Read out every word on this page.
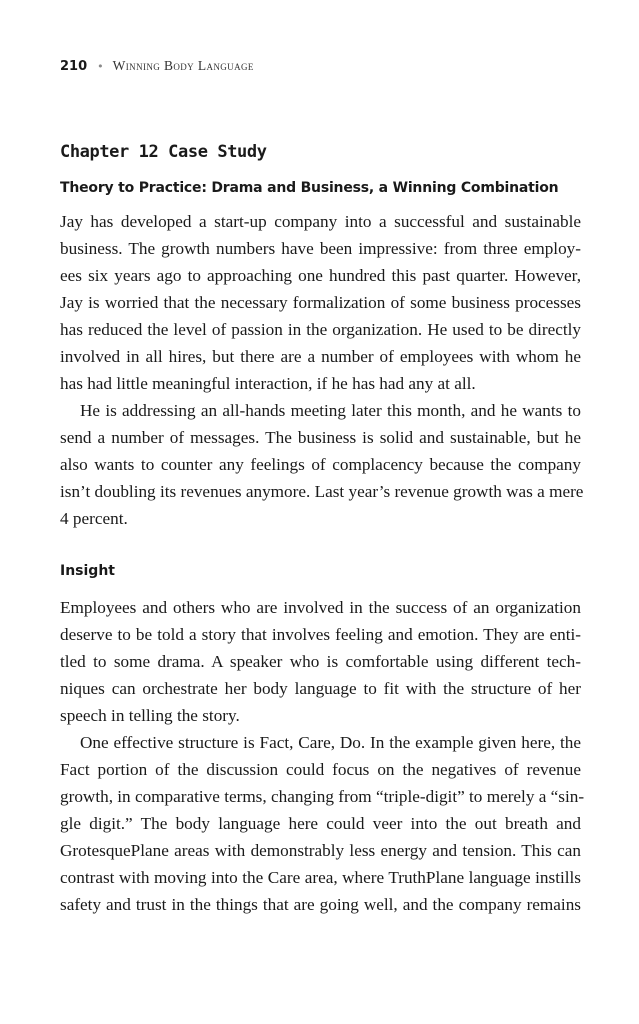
210 • Winning Body Language
Chapter 12 Case Study
Theory to Practice: Drama and Business, a Winning Combination
Jay has developed a start-up company into a successful and sustainable
business. The growth numbers have been impressive: from three employ-
ees six years ago to approaching one hundred this past quarter. However,
Jay is worried that the necessary formalization of some business processes
has reduced the level of passion in the organization. He used to be directly
involved in all hires, but there are a number of employees with whom he
has had little meaningful interaction, if he has had any at all.
He is addressing an all-hands meeting later this month, and he wants to
send a number of messages. The business is solid and sustainable, but he
also wants to counter any feelings of complacency because the company
isn’t doubling its revenues anymore. Last year’s revenue growth was a mere
4 percent.
Insight
Employees and others who are involved in the success of an organization
deserve to be told a story that involves feeling and emotion. They are enti-
tled to some drama. A speaker who is comfortable using different tech-
niques can orchestrate her body language to fit with the structure of her
speech in telling the story.
One effective structure is Fact, Care, Do. In the example given here, the
Fact portion of the discussion could focus on the negatives of revenue
growth, in comparative terms, changing from “triple-digit” to merely a “sin-
gle digit.” The body language here could veer into the out breath and
GrotesquePlane areas with demonstrably less energy and tension. This can
contrast with moving into the Care area, where TruthPlane language instills
safety and trust in the things that are going well, and the company remains
